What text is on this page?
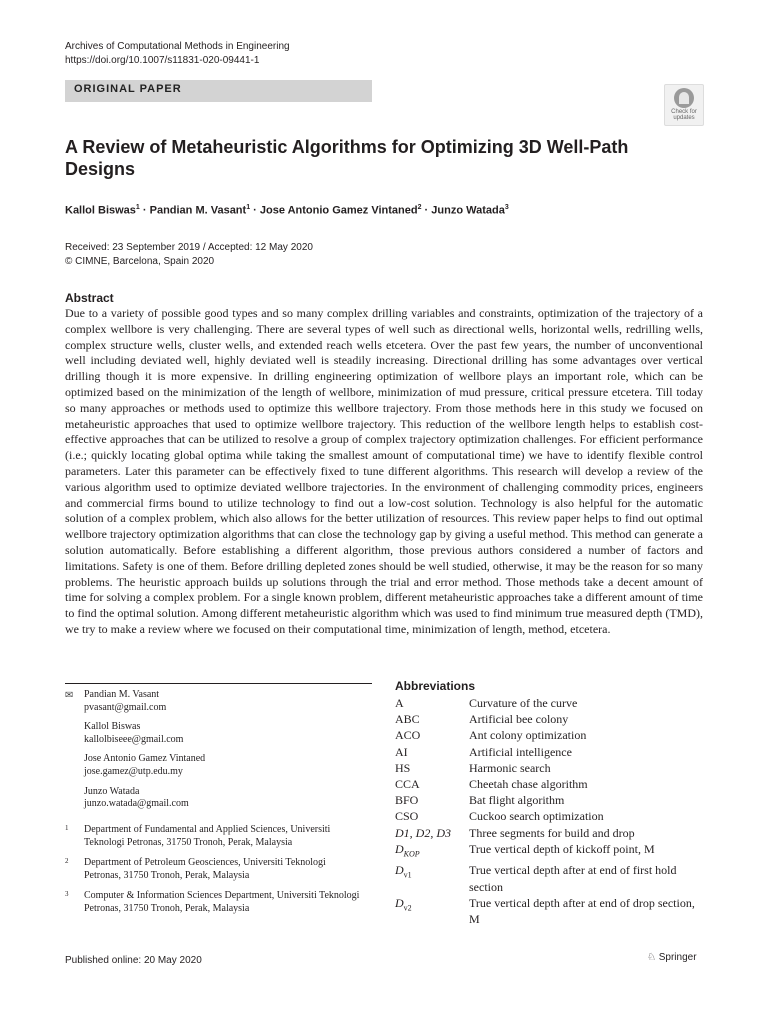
Archives of Computational Methods in Engineering
https://doi.org/10.1007/s11831-020-09441-1
ORIGINAL PAPER
Check for
updates
A Review of Metaheuristic Algorithms for Optimizing 3D Well-Path Designs
Kallol Biswas$^1$ · Pandian M. Vasant$^1$ · Jose Antonio Gamez Vintaned$^2$ · Junzo Watada$^3$
Received: 23 September 2019 / Accepted: 12 May 2020
© CIMNE, Barcelona, Spain 2020
Abstract

Due to a variety of possible good types and so many complex drilling variables and constraints, optimization of the trajectory of a complex wellbore is very challenging. There are several types of well such as directional wells, horizontal wells, redrilling wells, complex structure wells, cluster wells, and extended reach wells etcetera. Over the past few years, the number of unconventional well including deviated well, highly deviated well is steadily increasing. Directional drilling has some advantages over vertical drilling though it is more expensive. In drilling engineering optimization of wellbore plays an important role, which can be optimized based on the minimization of the length of wellbore, minimization of mud pressure, critical pressure etcetera. Till today so many approaches or methods used to optimize this wellbore trajectory. From those methods here in this study we focused on metaheuristic approaches that used to optimize wellbore trajectory. This reduction of the wellbore length helps to establish cost-effective approaches that can be utilized to resolve a group of complex trajectory optimization challenges. For efficient performance (i.e.; quickly locating global optima while taking the smallest amount of computational time) we have to identify flexible control parameters. Later this parameter can be effectively fixed to tune different algorithms. This research will develop a review of the various algorithm used to optimize deviated wellbore trajectories. In the environment of challenging commodity prices, engineers and commercial firms bound to utilize technology to find out a low-cost solution. Technology is also helpful for the automatic solution of a complex problem, which also allows for the better utilization of resources. This review paper helps to find out optimal wellbore trajectory optimization algorithms that can close the technology gap by giving a useful method. This method can generate a solution automatically. Before establishing a different algorithm, those previous authors considered a number of factors and limitations. Safety is one of them. Before drilling depleted zones should be well studied, otherwise, it may be the reason for so many problems. The heuristic approach builds up solutions through the trial and error method. Those methods take a decent amount of time for solving a complex problem. For a single known problem, different metaheuristic approaches take a different amount of time to find the optimal solution. Among different metaheuristic algorithm which was used to find minimum true measured depth (TMD), we try to make a review where we focused on their computational time, minimization of length, method, etcetera.

✉ Pandian M. Vasant
pvasant@gmail.com
Kallol Biswas
kallolbiseee@gmail.com
Jose Antonio Gamez Vintaned
jose.gamez@utp.edu.my
Junzo Watada
junzo.watada@gmail.com
1 Department of Fundamental and Applied Sciences, Universiti Teknologi Petronas, 31750 Tronoh, Perak, Malaysia
2 Department of Petroleum Geosciences, Universiti Teknologi Petronas, 31750 Tronoh, Perak, Malaysia
3 Computer & Information Sciences Department, Universiti Teknologi Petronas, 31750 Tronoh, Perak, Malaysia
Abbreviations
A	Curvature of the curve
ABC	Artificial bee colony
ACO	Ant colony optimization
AI	Artificial intelligence
HS	Harmonic search
CCA	Cheetah chase algorithm
BFO	Bat flight algorithm
CSO	Cuckoo search optimization
D1, D2, D3	Three segments for build and drop
$D_{KOP}$	True vertical depth of kickoff point, M
$D_{v1}$	True vertical depth after at end of first hold section
$D_{v2}$	True vertical depth after at end of drop section, M
Published online: 20 May 2020	♘ Springer
